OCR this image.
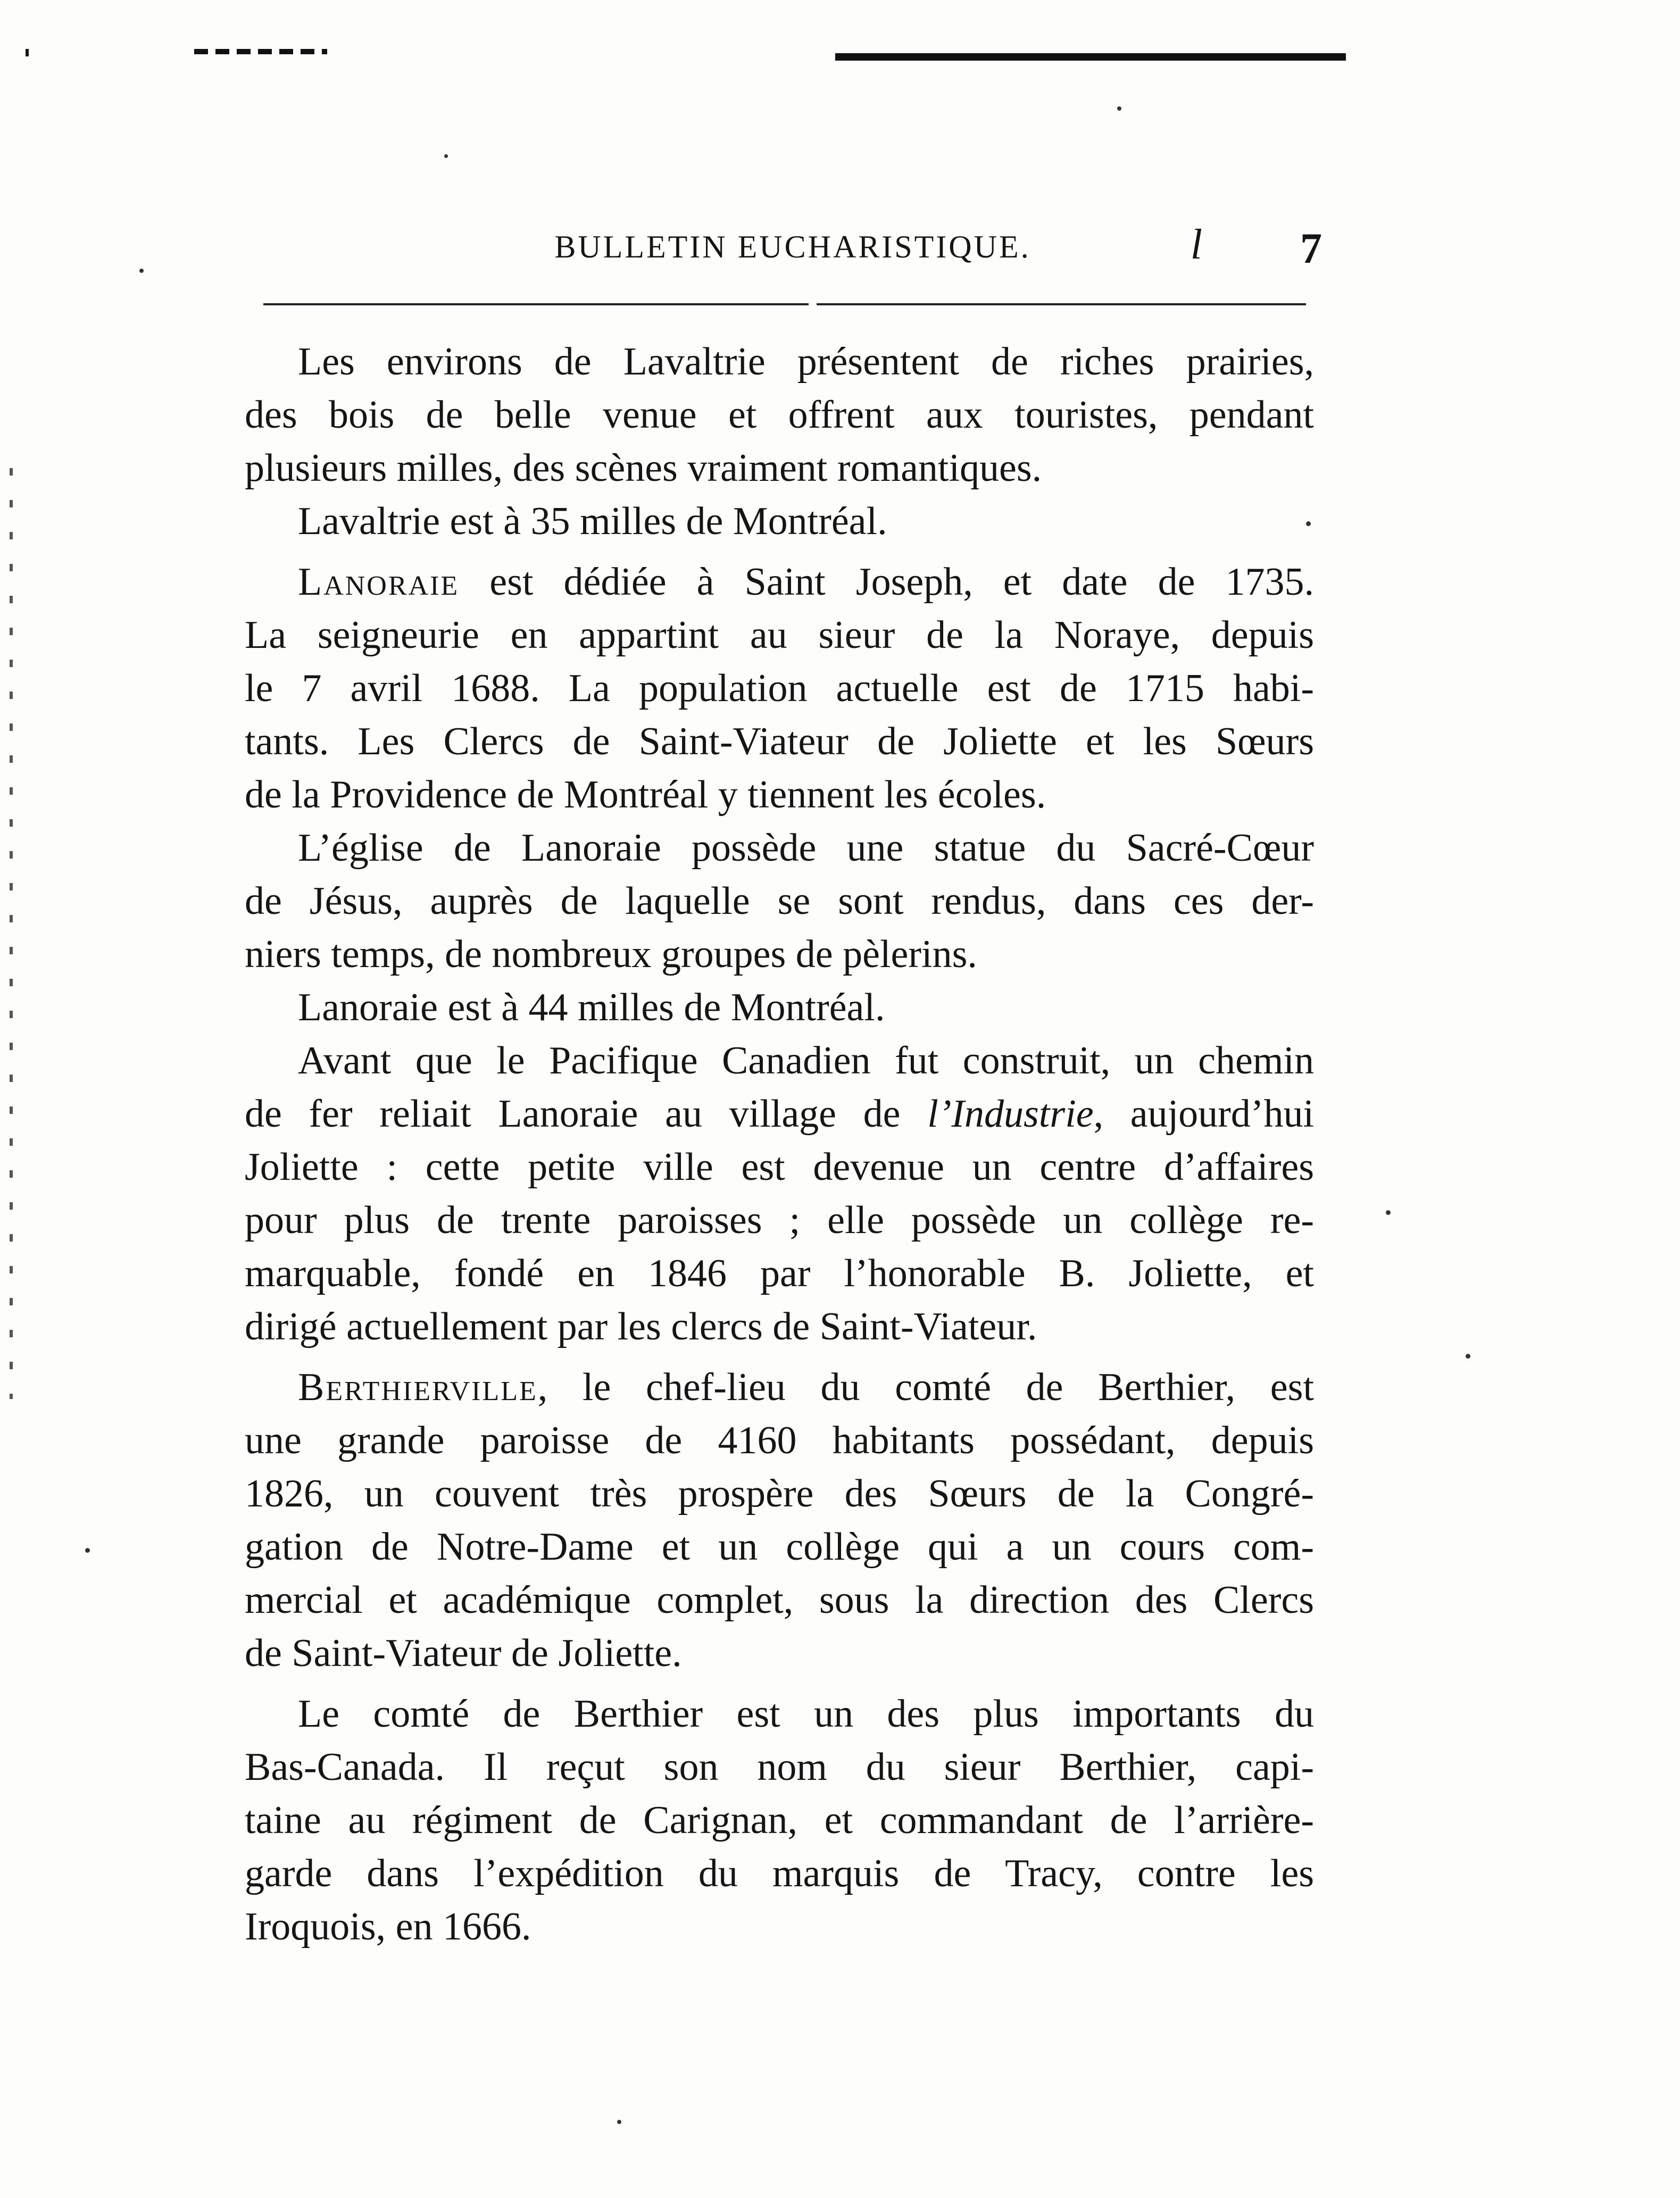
BULLETIN EUCHARISTIQUE.	l 7

Les environs de Lavaltrie présentent de riches prairies,
des bois de belle venue et offrent aux touristes, pendant
plusieurs milles, des scènes vraiment romantiques.

Lavaltrie est à 35 milles de Montréal.

Lanoraie est dédiée à Saint Joseph, et date de 1735.
La seigneurie en appartint au sieur de la Noraye, depuis
le 7 avril 1688. La population actuelle est de 1715 habi-
tants. Les Clercs de Saint-Viateur de Joliette et les Sœurs
de la Providence de Montréal y tiennent les écoles.

L’église de Lanoraie possède une statue du Sacré-Cœur
de Jésus, auprès de laquelle se sont rendus, dans ces der-
niers temps, de nombreux groupes de pèlerins.

Lanoraie est à 44 milles de Montréal.

Avant que le Pacifique Canadien fut construit, un chemin
de fer reliait Lanoraie au village de l’Industrie, aujourd’hui
Joliette : cette petite ville est devenue un centre d’affaires
pour plus de trente paroisses ; elle possède un collège re-
marquable, fondé en 1846 par l’honorable B. Joliette, et
dirigé actuellement par les clercs de Saint-Viateur.

Berthierville, le chef-lieu du comté de Berthier, est
une grande paroisse de 4160 habitants possédant, depuis
1826, un couvent très prospère des Sœurs de la Congré-
gation de Notre-Dame et un collège qui a un cours com-
mercial et académique complet, sous la direction des Clercs
de Saint-Viateur de Joliette.

Le comté de Berthier est un des plus importants du
Bas-Canada. Il reçut son nom du sieur Berthier, capi-
taine au régiment de Carignan, et commandant de l’arrière-
garde dans l’expédition du marquis de Tracy, contre les
Iroquois, en 1666.
